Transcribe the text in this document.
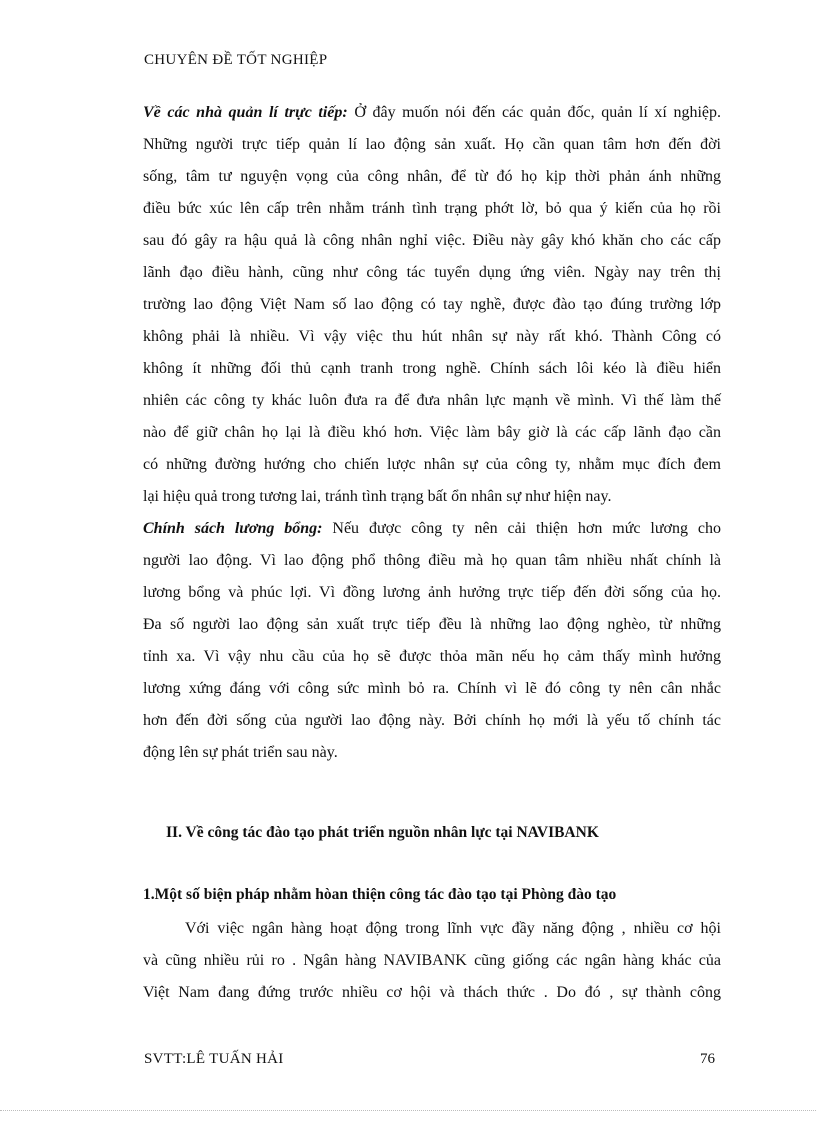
CHUYÊN ĐỀ TỐT NGHIỆP
Về các nhà quản lí trực tiếp: Ở đây muốn nói đến các quản đốc, quản lí xí nghiệp.
Những người trực tiếp quản lí lao động sản xuất. Họ cần quan tâm hơn đến đời
sống, tâm tư nguyện vọng của công nhân, để từ đó họ kịp thời phản ánh những
điều bức xúc lên cấp trên nhằm tránh tình trạng phớt lờ, bỏ qua ý kiến của họ rồi
sau đó gây ra hậu quả là công nhân nghỉ việc. Điều này gây khó khăn cho các cấp
lãnh đạo điều hành, cũng như công tác tuyển dụng ứng viên. Ngày nay trên thị
trường lao động Việt Nam số lao động có tay nghề, được đào tạo đúng trường lớp
không phải là nhiều. Vì vậy việc thu hút nhân sự này rất khó. Thành Công có
không ít những đối thủ cạnh tranh trong nghề. Chính sách lôi kéo là điều hiển
nhiên các công ty khác luôn đưa ra để đưa nhân lực mạnh về mình. Vì thế làm thế
nào để giữ chân họ lại là điều khó hơn. Việc làm bây giờ là các cấp lãnh đạo cần
có những đường hướng cho chiến lược nhân sự của công ty, nhằm mục đích đem
lại hiệu quả trong tương lai, tránh tình trạng bất ổn nhân sự như hiện nay.
Chính sách lương bổng: Nếu được công ty nên cải thiện hơn mức lương cho
người lao động. Vì lao động phổ thông điều mà họ quan tâm nhiều nhất chính là
lương bổng và phúc lợi. Vì đồng lương ảnh hưởng trực tiếp đến đời sống của họ.
Đa số người lao động sản xuất trực tiếp đều là những lao động nghèo, từ những
tỉnh xa. Vì vậy nhu cầu của họ sẽ được thỏa mãn nếu họ cảm thấy mình hưởng
lương xứng đáng với công sức mình bỏ ra. Chính vì lẽ đó công ty nên cân nhắc
hơn đến đời sống của người lao động này. Bởi chính họ mới là yếu tố chính tác
động lên sự phát triển sau này.
II. Về công tác đào tạo phát triển nguồn nhân lực tại NAVIBANK
1.Một số biện pháp nhằm hòan thiện công tác đào tạo tại Phòng đào tạo
Với việc ngân hàng hoạt động trong lĩnh vực đầy năng động , nhiều cơ hội
và cũng nhiều rủi ro . Ngân hàng NAVIBANK cũng giống các ngân hàng khác của
Việt Nam đang đứng trước nhiều cơ hội và thách thức . Do đó , sự thành công
SVTT:LÊ TUẤN HẢI	76
